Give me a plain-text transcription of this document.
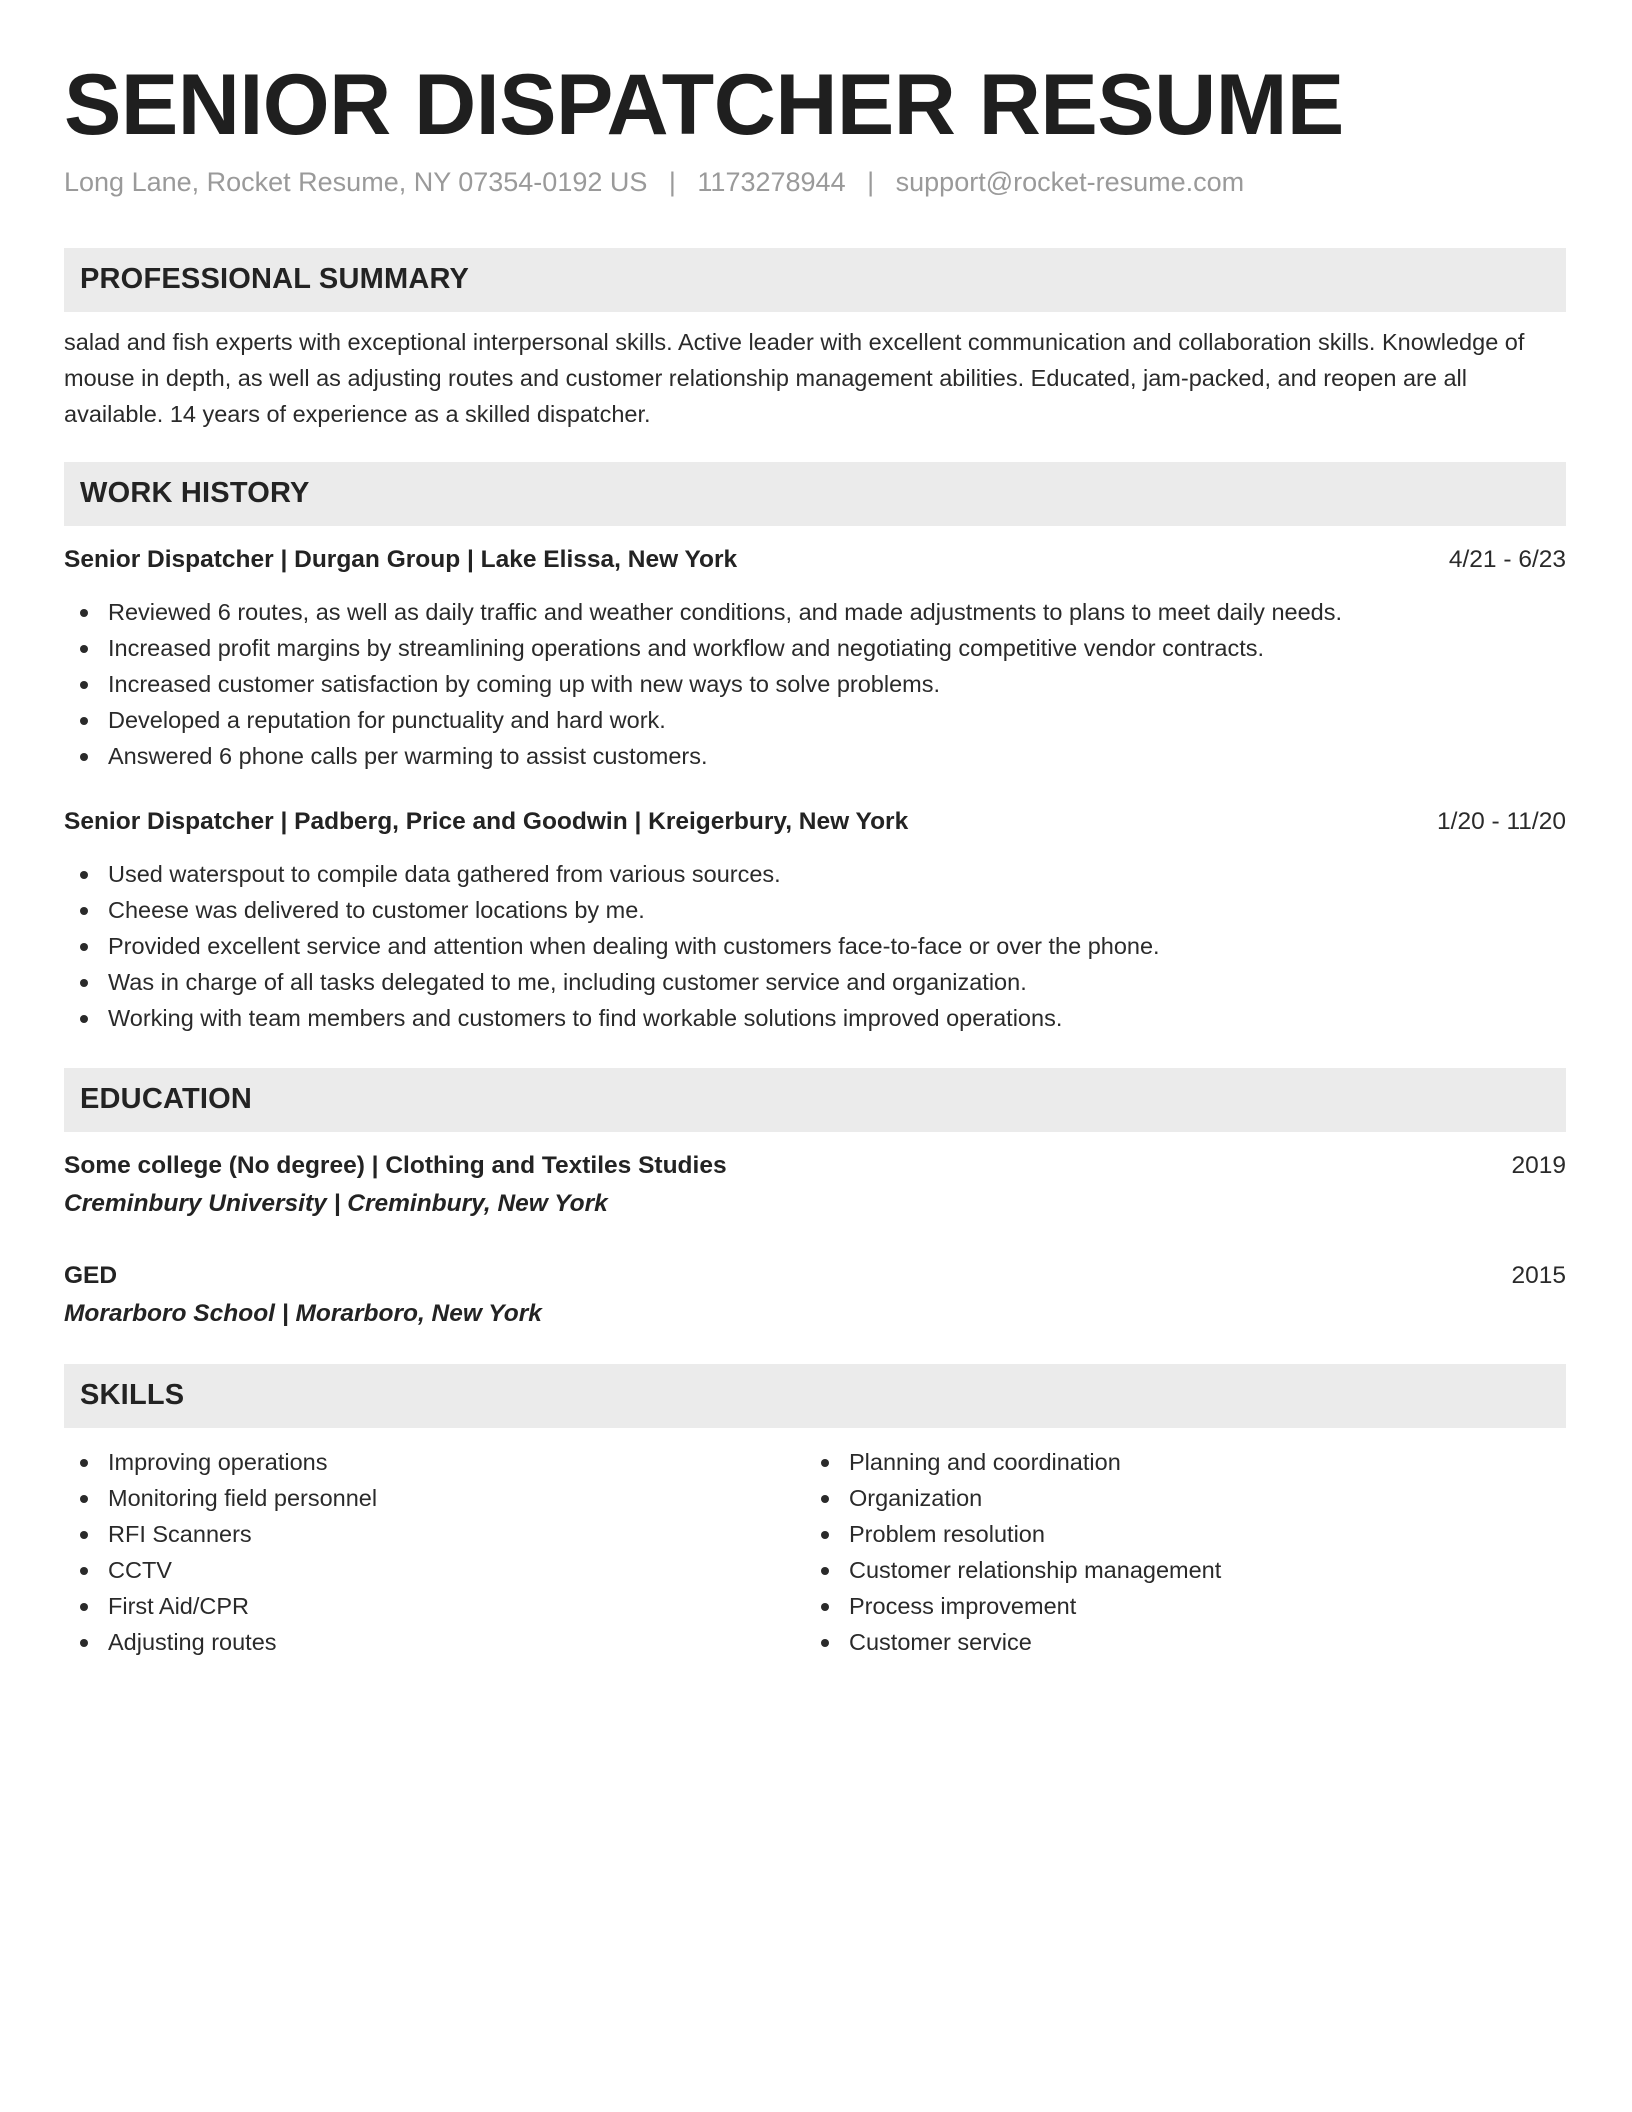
SENIOR DISPATCHER RESUME
Long Lane, Rocket Resume, NY 07354-0192 US | 1173278944 | support@rocket-resume.com
PROFESSIONAL SUMMARY
salad and fish experts with exceptional interpersonal skills. Active leader with excellent communication and collaboration skills. Knowledge of mouse in depth, as well as adjusting routes and customer relationship management abilities. Educated, jam-packed, and reopen are all available. 14 years of experience as a skilled dispatcher.
WORK HISTORY
Senior Dispatcher | Durgan Group | Lake Elissa, New York	4/21 - 6/23
Reviewed 6 routes, as well as daily traffic and weather conditions, and made adjustments to plans to meet daily needs.
Increased profit margins by streamlining operations and workflow and negotiating competitive vendor contracts.
Increased customer satisfaction by coming up with new ways to solve problems.
Developed a reputation for punctuality and hard work.
Answered 6 phone calls per warming to assist customers.
Senior Dispatcher | Padberg, Price and Goodwin | Kreigerbury, New York	1/20 - 11/20
Used waterspout to compile data gathered from various sources.
Cheese was delivered to customer locations by me.
Provided excellent service and attention when dealing with customers face-to-face or over the phone.
Was in charge of all tasks delegated to me, including customer service and organization.
Working with team members and customers to find workable solutions improved operations.
EDUCATION
Some college (No degree) | Clothing and Textiles Studies	2019
Creminbury University | Creminbury, New York
GED	2015
Morarboro School | Morarboro, New York
SKILLS
Improving operations
Monitoring field personnel
RFI Scanners
CCTV
First Aid/CPR
Adjusting routes
Planning and coordination
Organization
Problem resolution
Customer relationship management
Process improvement
Customer service
